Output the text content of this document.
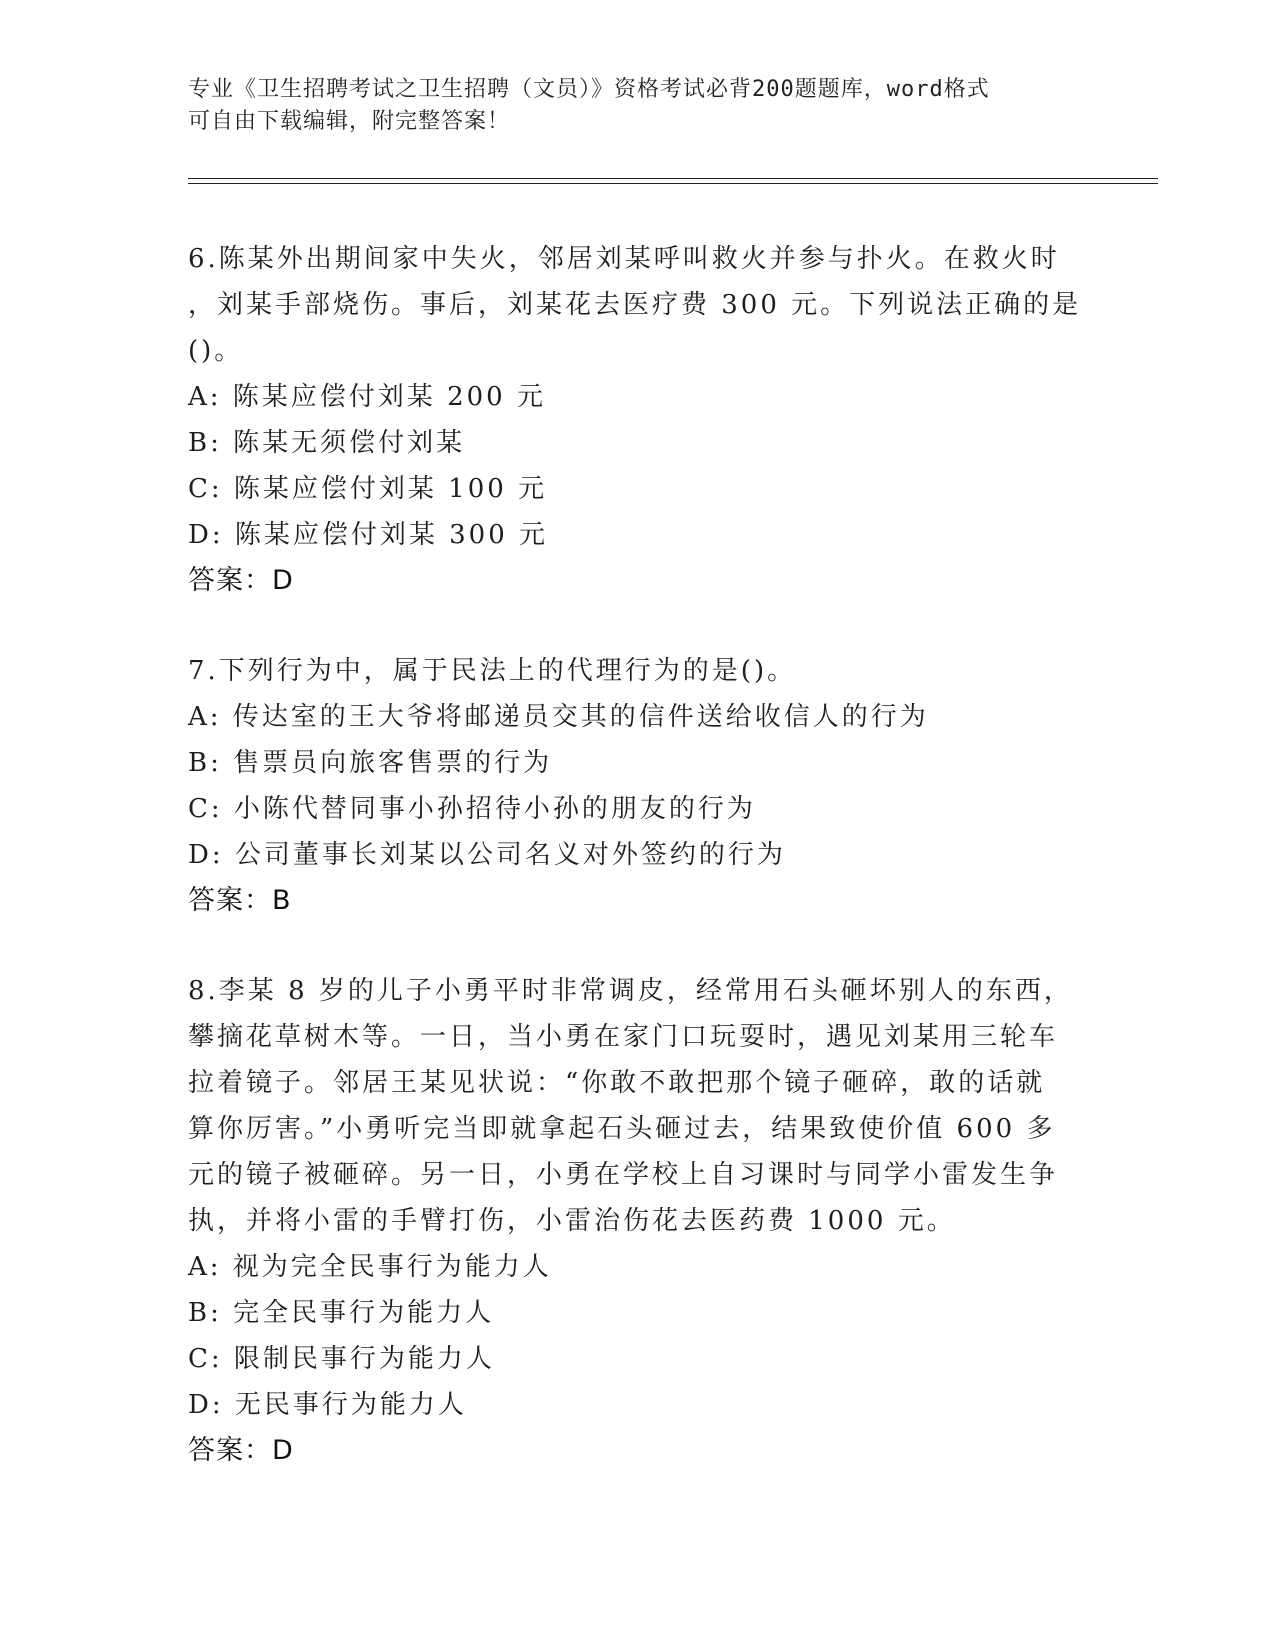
专业《卫生招聘考试之卫生招聘（文员）》资格考试必背200题题库，word格式
可自由下载编辑，附完整答案！
6.陈某外出期间家中失火，邻居刘某呼叫救火并参与扑火。在救火时
，刘某手部烧伤。事后，刘某花去医疗费 300 元。下列说法正确的是
()。
A: 陈某应偿付刘某 200 元
B: 陈某无须偿付刘某
C: 陈某应偿付刘某 100 元
D: 陈某应偿付刘某 300 元
答案：D
7.下列行为中，属于民法上的代理行为的是()。
A: 传达室的王大爷将邮递员交其的信件送给收信人的行为
B: 售票员向旅客售票的行为
C: 小陈代替同事小孙招待小孙的朋友的行为
D: 公司董事长刘某以公司名义对外签约的行为
答案：B
8.李某 8 岁的儿子小勇平时非常调皮，经常用石头砸坏别人的东西，
攀摘花草树木等。一日，当小勇在家门口玩耍时，遇见刘某用三轮车
拉着镜子。邻居王某见状说：“你敢不敢把那个镜子砸碎，敢的话就
算你厉害。”小勇听完当即就拿起石头砸过去，结果致使价值 600 多
元的镜子被砸碎。另一日，小勇在学校上自习课时与同学小雷发生争
执，并将小雷的手臂打伤，小雷治伤花去医药费 1000 元。
A: 视为完全民事行为能力人
B: 完全民事行为能力人
C: 限制民事行为能力人
D: 无民事行为能力人
答案：D
